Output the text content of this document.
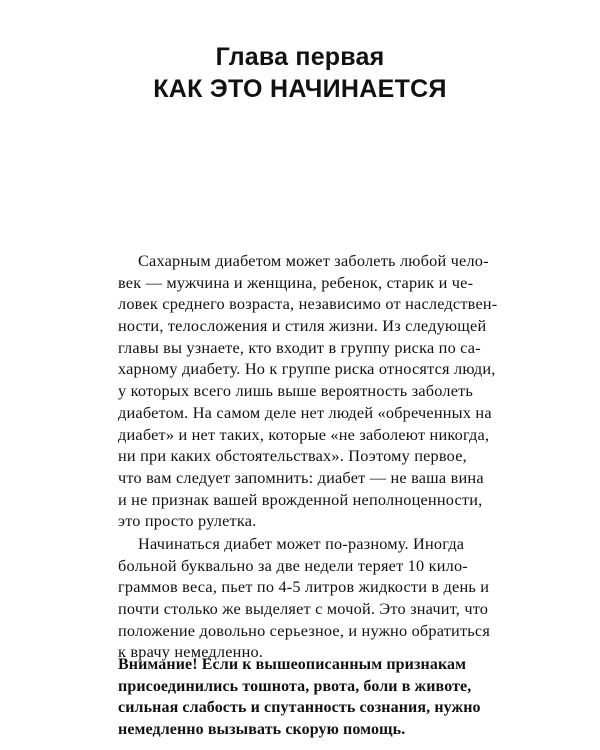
Глава первая
КАК ЭТО НАЧИНАЕТСЯ
Сахарным диабетом может заболеть любой чело-
век — мужчина и женщина, ребенок, старик и че-
ловек среднего возраста, независимо от наследствен-
ности, телосложения и стиля жизни. Из следующей
главы вы узнаете, кто входит в группу риска по са-
харному диабету. Но к группе риска относятся люди,
у которых всего лишь выше вероятность заболеть
диабетом. На самом деле нет людей «обреченных на
диабет» и нет таких, которые «не заболеют никогда,
ни при каких обстоятельствах». Поэтому первое,
что вам следует запомнить: диабет — не ваша вина
и не признак вашей врожденной неполноценности,
это просто рулетка.
Начинаться диабет может по-разному. Иногда
больной буквально за две недели теряет 10 кило-
граммов веса, пьет по 4-5 литров жидкости в день и
почти столько же выделяет с мочой. Это значит, что
положение довольно серьезное, и нужно обратиться
к врачу немедленно.
Внимание! Если к вышеописанным признакам
присоединились тошнота, рвота, боли в животе,
сильная слабость и спутанность сознания, нужно
немедленно вызывать скорую помощь.
